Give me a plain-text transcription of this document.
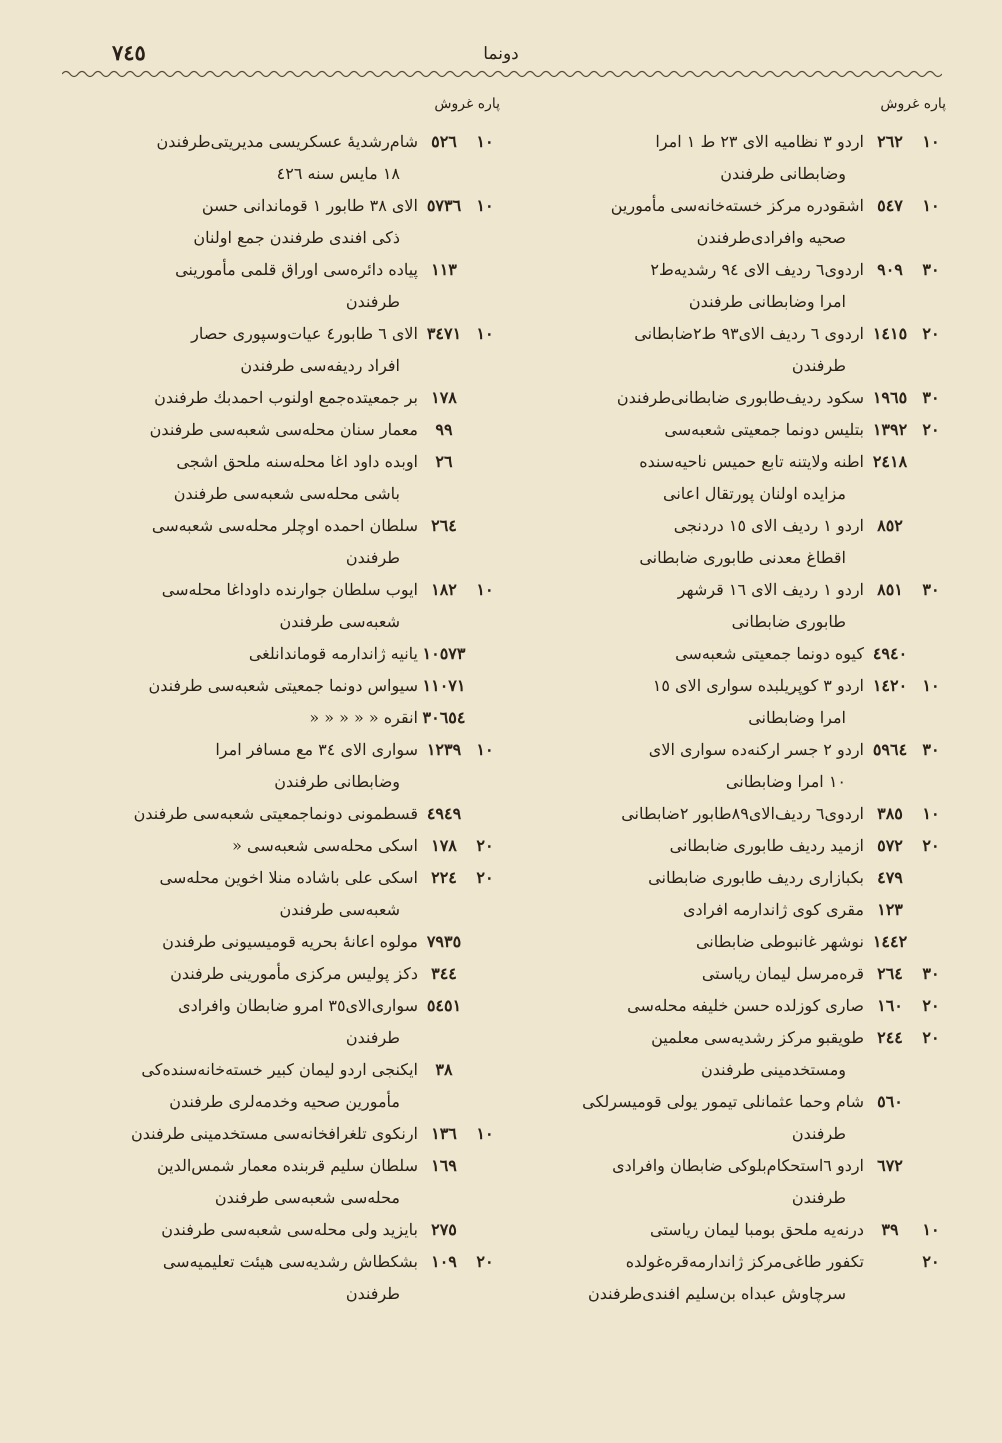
٧٤٥	دونما
پاره غروش
١٠
٢٦٢
اردو ٣ نظاميه الاى ٢٣ ط ١ امرا
وضابطانى طرفندن
١٠
٥٤٧
اشقودره مركز خسته‌خانه‌سى مأمورين
صحيه وافرادى‌طرفندن
٣٠
٩٠٩
اردوى‌٦ رديف الاى ٩٤ رشديه‌ط٢
امرا وضابطانى طرفندن
٢٠
١٤١٥
اردوى ٦ رديف الاى‌٩٣ ط٢ضابطانى
طرفندن
٣٠
١٩٦٥
سكود رديف‌طابورى ضابطانى‌طرفندن
٢٠
١٣٩٢
بتليس دونما جمعيتى شعبه‌سى
٢٤١٨
اطنه ولايتنه تابع حميس ناحيه‌سنده
مزايده اولنان پورتقال اعانى
٨٥٢
اردو ١ رديف الاى ١٥ دردنجى
اقطاغ معدنى طابورى ضابطانى
٣٠
٨٥١
اردو ١ رديف الاى ١٦ قرشهر
طابورى ضابطانى
٤٩٤٠
كيوه دونما جمعيتى شعبه‌سى
١٠
١٤٢٠
اردو ٣ كوپريلبده سوارى الاى ١٥
امرا وضابطانى
٣٠
٥٩٦٤
اردو ٢ جسر اركنه‌ده سوارى الاى
١٠ امرا وضابطانى
١٠
٣٨٥
اردوى‌٦ رديف‌الاى‌٨٩طابور ٢ضابطانى
٢٠
٥٧٢
ازميد رديف طابورى ضابطانى
٤٧٩
بكبازارى رديف طابورى ضابطانى
١٢٣
مقرى كوى ژاندارمه افرادى
١٤٤٢
نوشهر غانبوطى ضابطانى
٣٠
٢٦٤
قره‌مرسل ليمان رياستى
٢٠
١٦٠
صارى كوزلده حسن خليفه محله‌سى
٢٠
٢٤٤
طويقبو مركز رشديه‌سى معلمين
ومستخدمينى طرفندن
٥٦٠
شام وحما عثمانلى تيمور يولى قوميسرلكى
طرفندن
٦٧٢
اردو ٦استحكام‌بلوكى ضابطان وافرادى
طرفندن
١٠
٣٩
درنه‌يه ملحق بومبا ليمان رياستى
٢٠
تكفور طاغى‌مركز ژاندارمه‌قره‌غولده
سرچاوش عبداه بن‌سليم افندى‌طرفندن
پاره غروش
١٠
٥٢٦
شام‌رشديهٔ عسكريسى مديريتى‌طرفندن
١٨ مايس سنه ٤٢٦
١٠
٥٧٣٦
الاى ٣٨ طابور ١ قوماندانى حسن
ذكى افندى طرفندن جمع اولنان
١١٣
پياده دائره‌سى اوراق قلمى مأمورينى
طرفندن
١٠
٣٤٧١
الاى ٦ طابور٤ عيات‌وسپورى حصار
افراد رديفه‌سى طرفندن
١٧٨
بر جمعيتده‌جمع اولنوب احمدبك طرفندن
٩٩
معمار سنان محله‌سى شعبه‌سى طرفندن
٢٦
اوبده داود اغا محله‌سنه ملحق اشجى
باشى محله‌سى شعبه‌سى طرفندن
٢٦٤
سلطان احمده اوچلر محله‌سى شعبه‌سى
طرفندن
١٠
١٨٢
ايوب سلطان جوارنده داوداغا محله‌سى
شعبه‌سى طرفندن
١٠٥٧٣
يانيه ژاندارمه قوماندانلغى
١١٠٧١
سيواس دونما جمعيتى شعبه‌سى طرفندن
٣٠٦٥٤
انقره « « « « «
١٠
١٢٣٩
سوارى الاى ٣٤ مع مسافر امرا
وضابطانى طرفندن
٤٩٤٩
قسطمونى دونماجمعيتى شعبه‌سى طرفندن
٢٠
١٧٨
اسكى محله‌سى شعبه‌سى «
٢٠
٢٢٤
اسكى على باشاده منلا اخوين محله‌سى
شعبه‌سى طرفندن
٧٩٣٥
مولوه اعانهٔ بحريه قوميسيونى طرفندن
٣٤٤
دكز پوليس مركزى مأمورينى طرفندن
٥٤٥١
سوارى‌الاى‌٣٥ امرو ضابطان وافرادى
طرفندن
٣٨
ايكنجى اردو ليمان كبير خسته‌خانه‌سنده‌كى
مأمورين صحيه وخدمه‌لرى طرفندن
١٠
١٣٦
ارنكوى تلغرافخانه‌سى مستخدمينى طرفندن
١٦٩
سلطان سليم قربنده معمار شمس‌الدين
محله‌سى شعبه‌سى طرفندن
٢٧٥
بايزيد ولى محله‌سى شعبه‌سى طرفندن
٢٠
١٠٩
بشكطاش رشديه‌سى هيئت تعليميه‌سى
طرفندن
